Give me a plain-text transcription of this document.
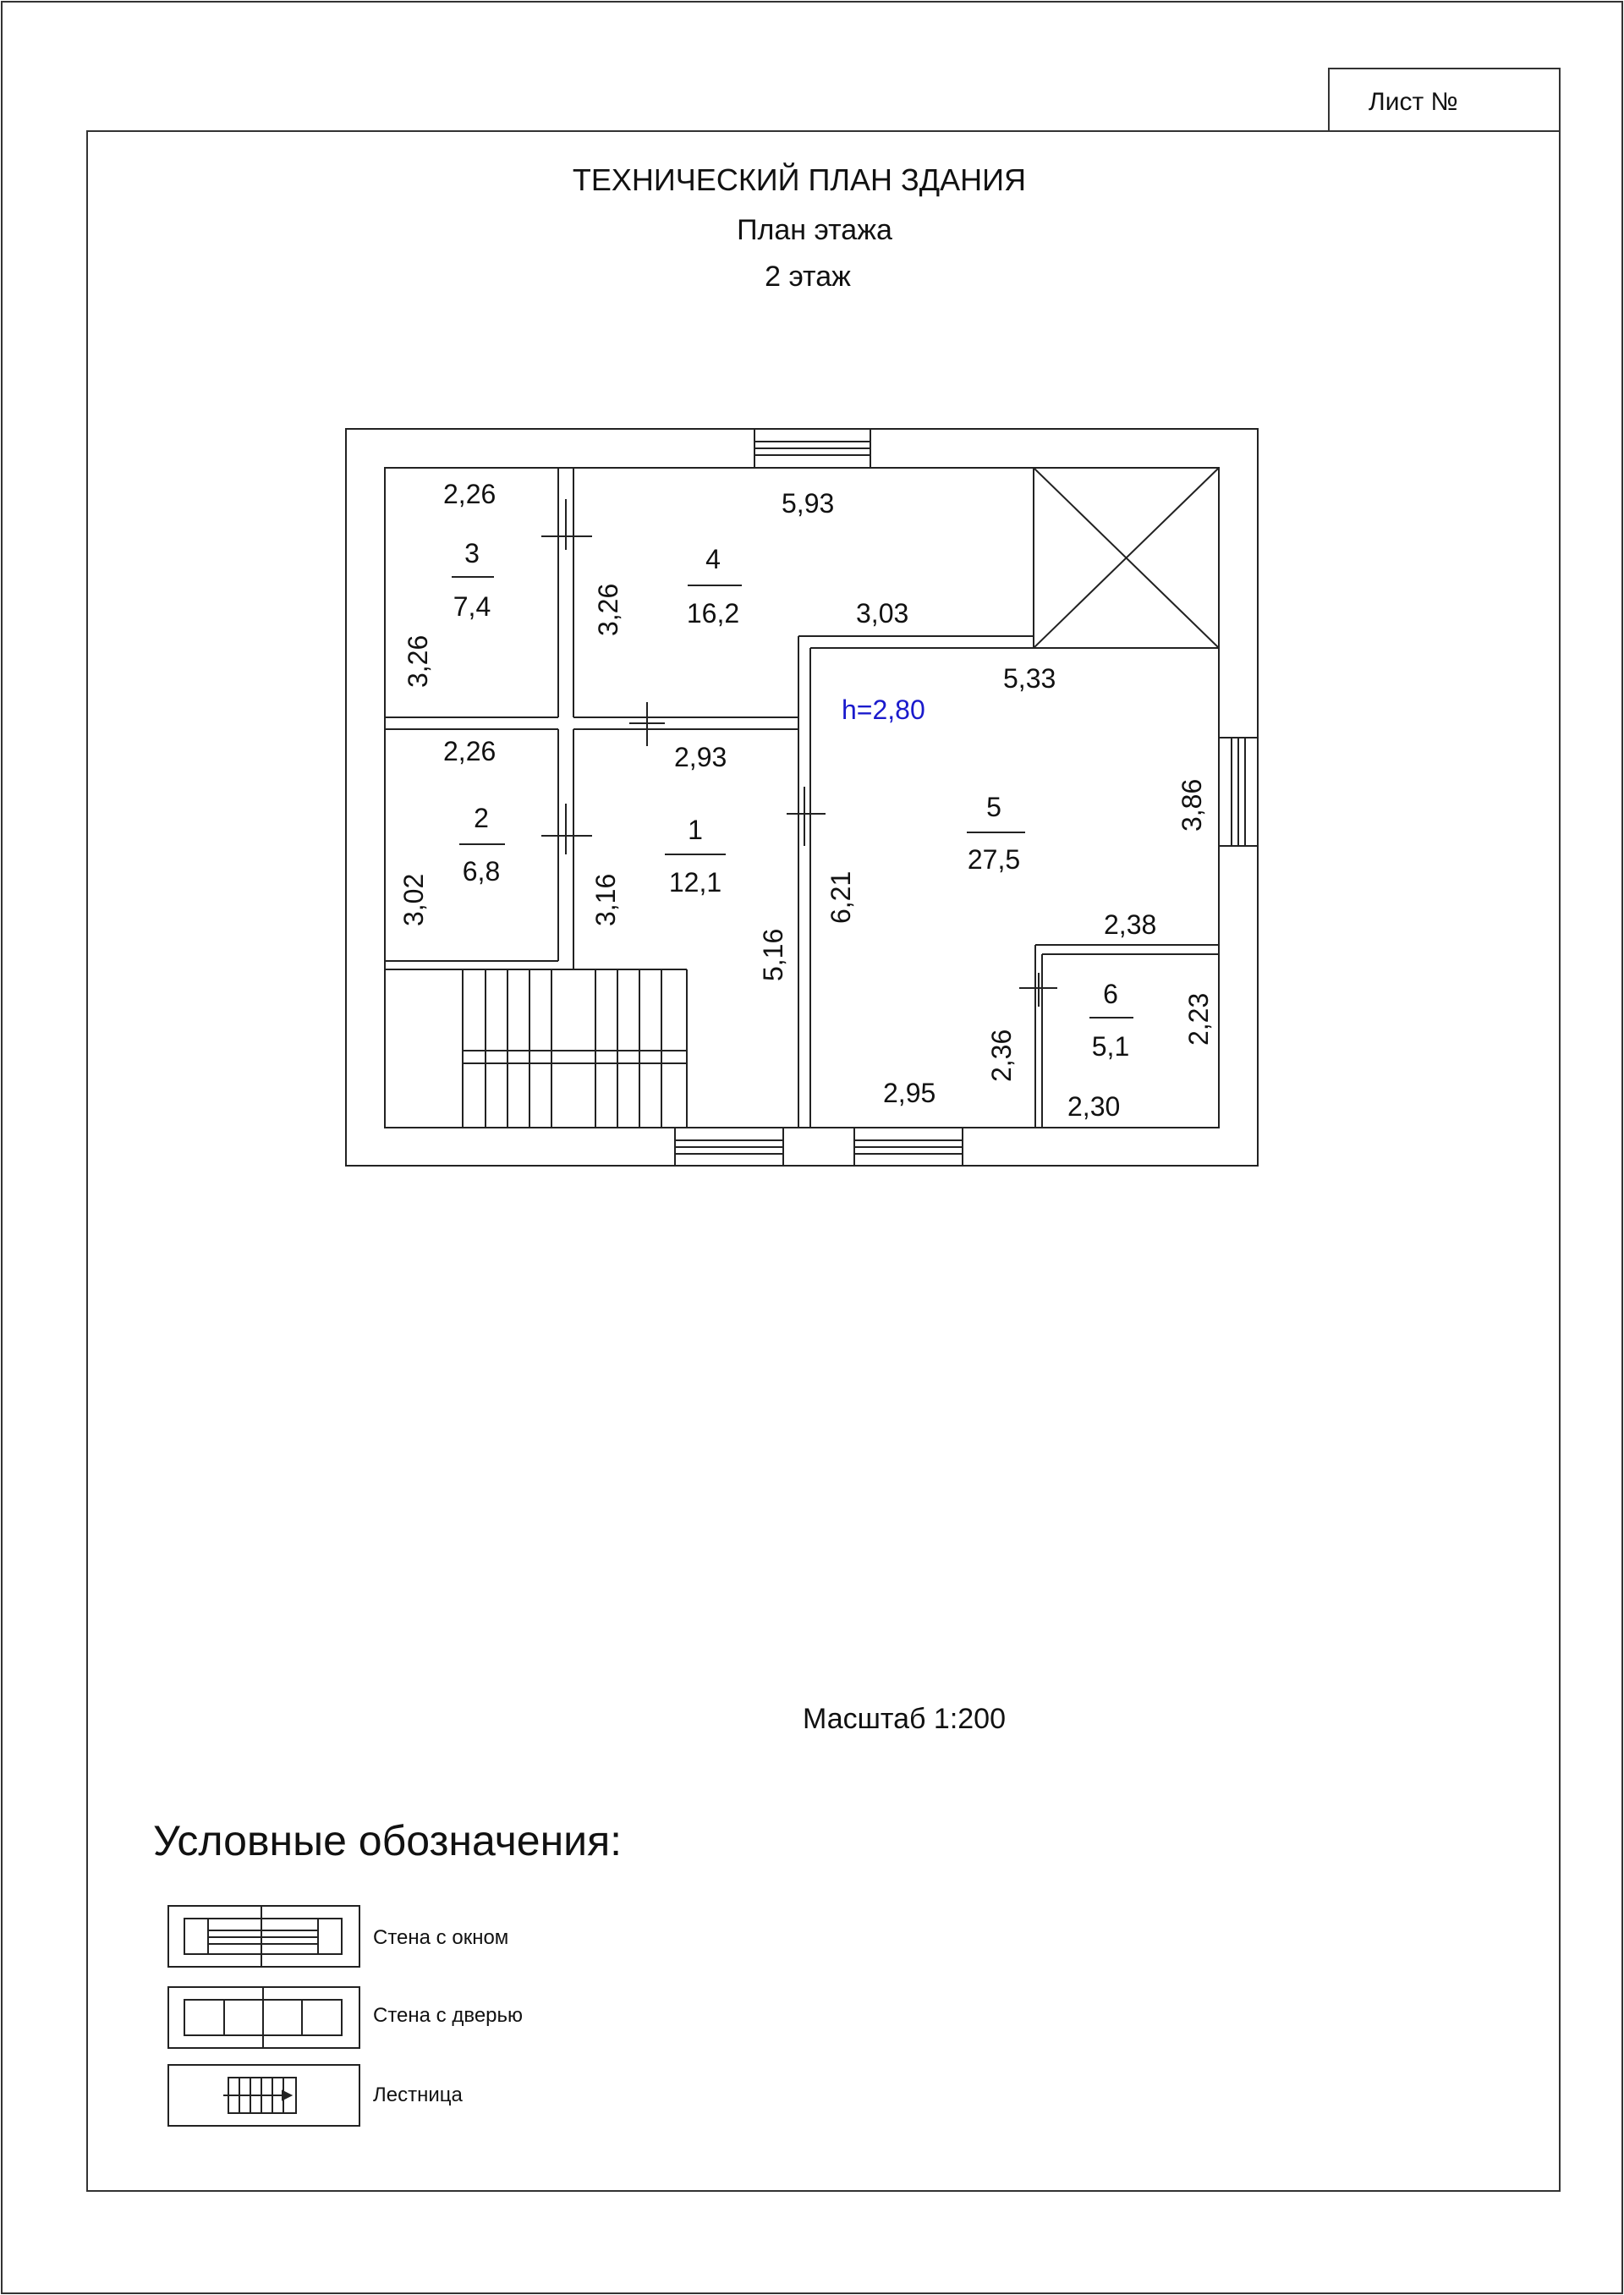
Лист №
ТЕХНИЧЕСКИЙ ПЛАН ЗДАНИЯ
План этажа
2 этаж
3
7,4
4
16,2
2
6,8
1
12,1
5
27,5
6
5,1
h=2,80
2,26
3,26
5,93
3,26	3,03
5,33
2,26
3,02
2,93
3,16
5,16
6,21
3,86
2,38
2,23
2,36
2,95	2,30
Масштаб 1:200
Условные обозначения:
Стена с окном
Стена с дверью
Лестница
